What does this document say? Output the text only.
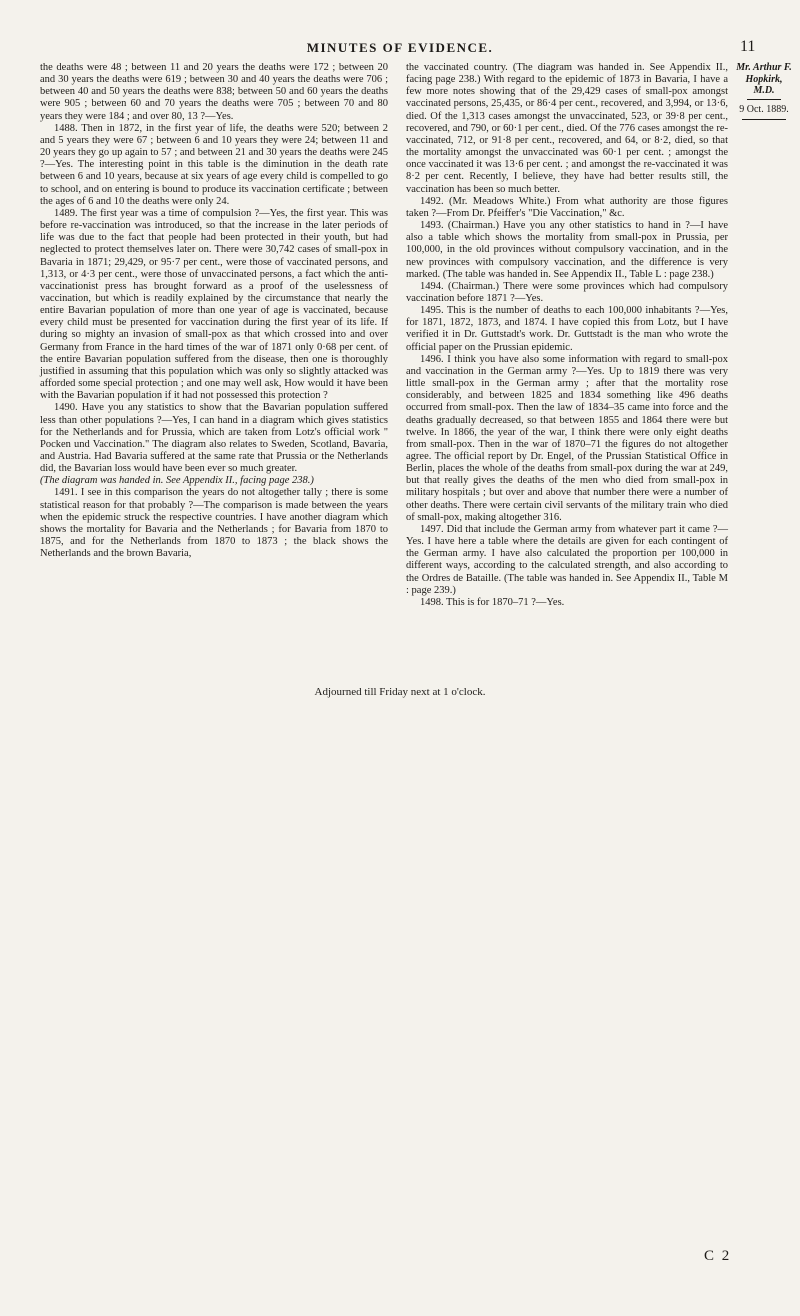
MINUTES OF EVIDENCE.	11

the deaths were 48 ; between 11 and 20 years the deaths were 172 ; between 20 and 30 years the deaths were 619 ; between 30 and 40 years the deaths were 706 ; between 40 and 50 years the deaths were 838; between 50 and 60 years the deaths were 905 ; between 60 and 70 years the deaths were 705 ; between 70 and 80 years they were 184 ; and over 80, 13 ?—Yes.

1488. Then in 1872, in the first year of life, the deaths were 520; between 2 and 5 years they were 67 ; between 6 and 10 years they were 24; between 11 and 20 years they go up again to 57 ; and between 21 and 30 years the deaths were 245 ?—Yes. The interesting point in this table is the diminution in the death rate between 6 and 10 years, because at six years of age every child is compelled to go to school, and on entering is bound to produce its vaccination certificate ; between the ages of 6 and 10 the deaths were only 24.

1489. The first year was a time of compulsion ?—Yes, the first year. This was before re-vaccination was introduced, so that the increase in the later periods of life was due to the fact that people had been protected in their youth, but had neglected to protect themselves later on. There were 30,742 cases of small-pox in Bavaria in 1871; 29,429, or 95·7 per cent., were those of vaccinated persons, and 1,313, or 4·3 per cent., were those of unvaccinated persons, a fact which the anti-vaccinationist press has brought forward as a proof of the uselessness of vaccination, but which is readily explained by the circumstance that nearly the entire Bavarian population of more than one year of age is vaccinated, because every child must be presented for vaccination during the first year of its life. If during so mighty an invasion of small-pox as that which crossed into and over Germany from France in the hard times of the war of 1871 only 0·68 per cent. of the entire Bavarian population suffered from the disease, then one is thoroughly justified in assuming that this population which was only so slightly attacked was afforded some special protection ; and one may well ask, How would it have been with the Bavarian population if it had not possessed this protection ?

1490. Have you any statistics to show that the Bavarian population suffered less than other populations ?—Yes, I can hand in a diagram which gives statistics for the Netherlands and for Prussia, which are taken from Lotz's official work " Pocken und Vaccination." The diagram also relates to Sweden, Scotland, Bavaria, and Austria. Had Bavaria suffered at the same rate that Prussia or the Netherlands did, the Bavarian loss would have been ever so much greater.

(The diagram was handed in. See Appendix II., facing page 238.)

1491. I see in this comparison the years do not altogether tally ; there is some statistical reason for that probably ?—The comparison is made between the years when the epidemic struck the respective countries. I have another diagram which shows the mortality for Bavaria and the Netherlands ; for Bavaria from 1870 to 1875, and for the Netherlands from 1870 to 1873 ; the black shows the Netherlands and the brown Bavaria,

the vaccinated country. (The diagram was handed in. See Appendix II., facing page 238.) With regard to the epidemic of 1873 in Bavaria, I have a few more notes showing that of the 29,429 cases of small-pox amongst vaccinated persons, 25,435, or 86·4 per cent., recovered, and 3,994, or 13·6, died. Of the 1,313 cases amongst the unvaccinated, 523, or 39·8 per cent., recovered, and 790, or 60·1 per cent., died. Of the 776 cases amongst the re-vaccinated, 712, or 91·8 per cent., recovered, and 64, or 8·2, died, so that the mortality amongst the unvaccinated was 60·1 per cent. ; amongst the once vaccinated it was 13·6 per cent. ; and amongst the re-vaccinated it was 8·2 per cent. Recently, I believe, they have had better results still, the vaccination has been so much better.

1492. (Mr. Meadows White.) From what authority are those figures taken ?—From Dr. Pfeiffer's "Die Vaccination," &c.

1493. (Chairman.) Have you any other statistics to hand in ?—I have also a table which shows the mortality from small-pox in Prussia, per 100,000, in the old provinces without compulsory vaccination, and in the new provinces with compulsory vaccination, and the difference is very marked. (The table was handed in. See Appendix II., Table L : page 238.)

1494. (Chairman.) There were some provinces which had compulsory vaccination before 1871 ?—Yes.

1495. This is the number of deaths to each 100,000 inhabitants ?—Yes, for 1871, 1872, 1873, and 1874. I have copied this from Lotz, but I have verified it in Dr. Guttstadt's work. Dr. Guttstadt is the man who wrote the official paper on the Prussian epidemic.

1496. I think you have also some information with regard to small-pox and vaccination in the German army ?—Yes. Up to 1819 there was very little small-pox in the German army ; after that the mortality rose considerably, and between 1825 and 1834 something like 496 deaths occurred from small-pox. Then the law of 1834–35 came into force and the deaths gradually decreased, so that between 1855 and 1864 there were but twelve. In 1866, the year of the war, I think there were only eight deaths from small-pox. Then in the war of 1870–71 the figures do not altogether agree. The official report by Dr. Engel, of the Prussian Statistical Office in Berlin, places the whole of the deaths from small-pox during the war at 249, but that really gives the deaths of the men who died from small-pox in military hospitals ; but over and above that number there were a number of other deaths. There were certain civil servants of the military train who died of small-pox, making altogether 316.

1497. Did that include the German army from whatever part it came ?—Yes. I have here a table where the details are given for each contingent of the German army. I have also calculated the proportion per 100,000 in different ways, according to the calculated strength, and also according to the Ordres de Bataille. (The table was handed in. See Appendix II., Table M : page 239.)

1498. This is for 1870–71 ?—Yes.

Mr. Arthur F. Hopkirk,
M.D.
9 Oct. 1889.
Adjourned till Friday next at 1 o'clock.
C 2
